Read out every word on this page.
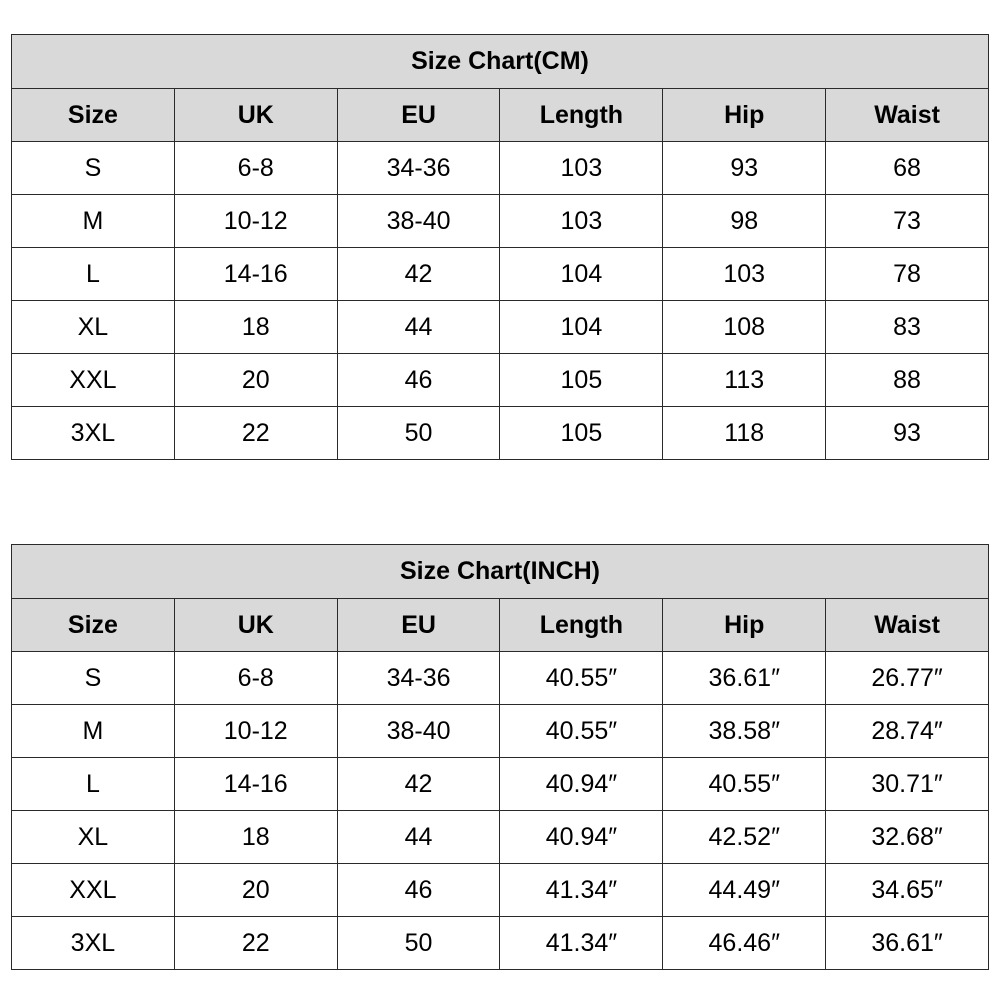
Size Chart(CM)					
Size	UK	EU	Length	Hip	Waist
S	6-8	34-36	103	93	68
M	10-12	38-40	103	98	73
L	14-16	42	104	103	78
XL	18	44	104	108	83
XXL	20	46	105	113	88
3XL	22	50	105	118	93
Size Chart(INCH)					
Size	UK	EU	Length	Hip	Waist
S	6-8	34-36	40.55″	36.61″	26.77″
M	10-12	38-40	40.55″	38.58″	28.74″
L	14-16	42	40.94″	40.55″	30.71″
XL	18	44	40.94″	42.52″	32.68″
XXL	20	46	41.34″	44.49″	34.65″
3XL	22	50	41.34″	46.46″	36.61″
